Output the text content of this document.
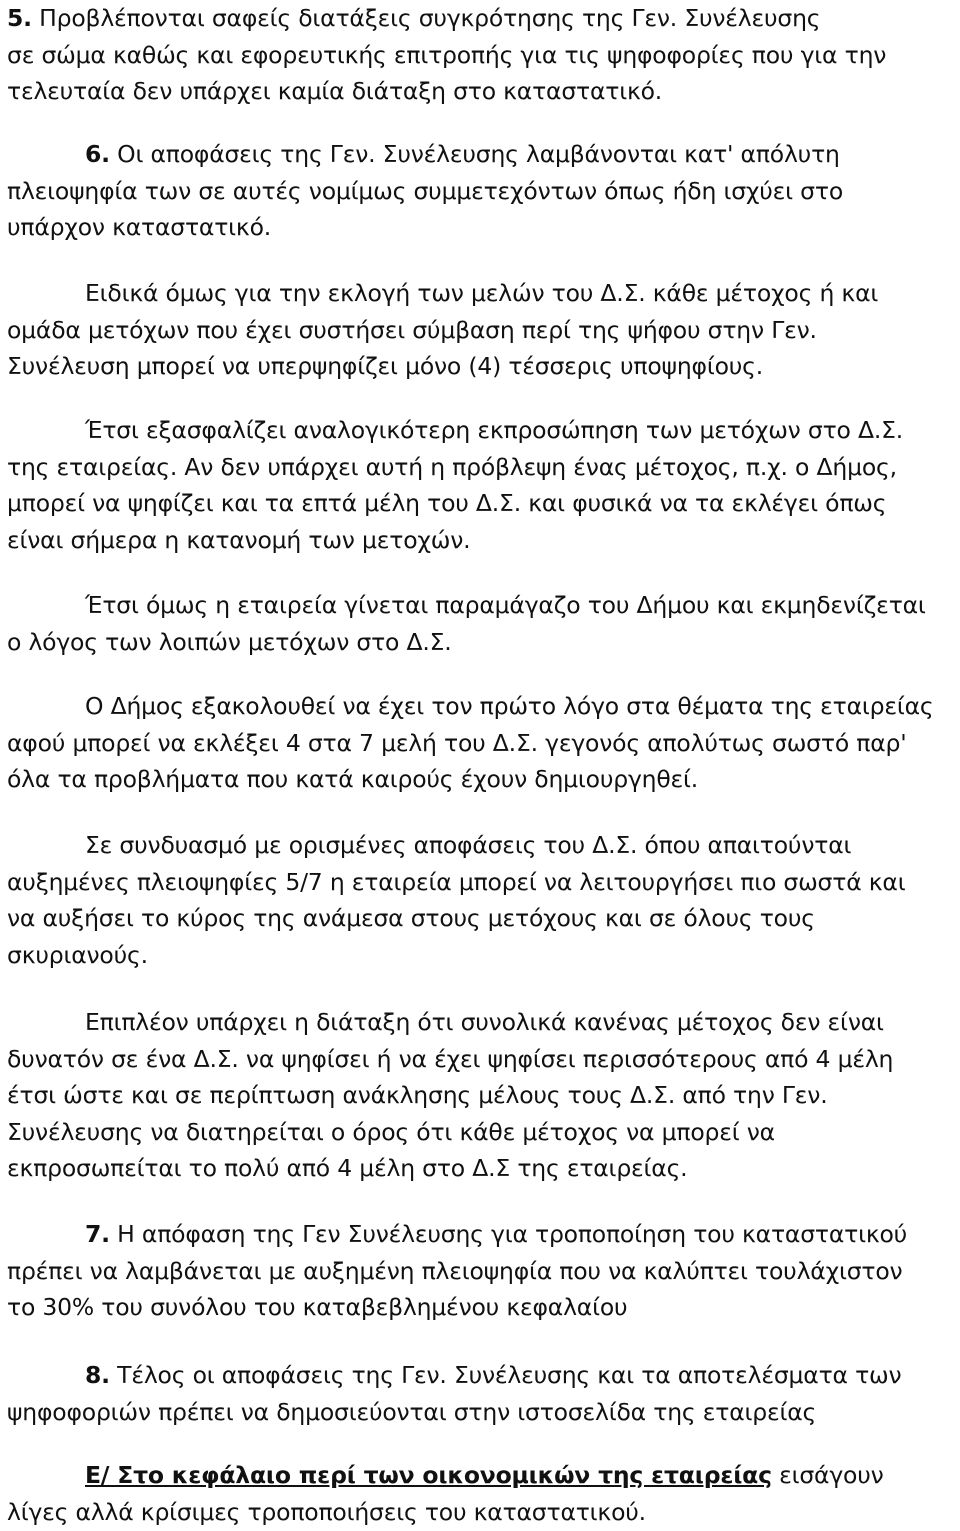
5. Προβλέπονται σαφείς διατάξεις συγκρότησης της Γεν. Συνέλευσης
σε σώμα καθώς και εφορευτικής επιτροπής για τις ψηφοφορίες που για την
τελευταία δεν υπάρχει καμία διάταξη στο καταστατικό.
6. Οι αποφάσεις της Γεν. Συνέλευσης λαμβάνονται κατ' απόλυτη
πλειοψηφία των σε αυτές νομίμως συμμετεχόντων όπως ήδη ισχύει στο
υπάρχον καταστατικό.
Ειδικά όμως για την εκλογή των μελών του Δ.Σ. κάθε μέτοχος ή και
ομάδα μετόχων που έχει συστήσει σύμβαση περί της ψήφου στην Γεν.
Συνέλευση μπορεί να υπερψηφίζει μόνο (4) τέσσερις υποψηφίους.
Έτσι εξασφαλίζει αναλογικότερη εκπροσώπηση των μετόχων στο Δ.Σ.
της εταιρείας. Αν δεν υπάρχει αυτή η πρόβλεψη ένας μέτοχος, π.χ. ο Δήμος,
μπορεί να ψηφίζει και τα επτά μέλη του Δ.Σ. και φυσικά να τα εκλέγει όπως
είναι σήμερα η κατανομή των μετοχών.
Έτσι όμως η εταιρεία γίνεται παραμάγαζο του Δήμου και εκμηδενίζεται
ο λόγος των λοιπών μετόχων στο Δ.Σ.
Ο Δήμος εξακολουθεί να έχει τον πρώτο λόγο στα θέματα της εταιρείας
αφού μπορεί να εκλέξει 4 στα 7 μελή του Δ.Σ. γεγονός απολύτως σωστό παρ'
όλα τα προβλήματα που κατά καιρούς έχουν δημιουργηθεί.
Σε συνδυασμό με ορισμένες αποφάσεις του Δ.Σ. όπου απαιτούνται
αυξημένες πλειοψηφίες 5/7 η εταιρεία μπορεί να λειτουργήσει πιο σωστά και
να αυξήσει το κύρος της ανάμεσα στους μετόχους και σε όλους τους
σκυριανούς.
Επιπλέον υπάρχει η διάταξη ότι συνολικά κανένας μέτοχος δεν είναι
δυνατόν σε ένα Δ.Σ. να ψηφίσει ή να έχει ψηφίσει περισσότερους από 4 μέλη
έτσι ώστε και σε περίπτωση ανάκλησης μέλους τους Δ.Σ. από την Γεν.
Συνέλευσης να διατηρείται ο όρος ότι κάθε μέτοχος να μπορεί να
εκπροσωπείται το πολύ από 4 μέλη στο Δ.Σ της εταιρείας.
7. Η απόφαση της Γεν Συνέλευσης για τροποποίηση του καταστατικού
πρέπει να λαμβάνεται με αυξημένη πλειοψηφία που να καλύπτει τουλάχιστον
το 30% του συνόλου του καταβεβλημένου κεφαλαίου
8. Τέλος οι αποφάσεις της Γεν. Συνέλευσης και τα αποτελέσματα των
ψηφοφοριών πρέπει να δημοσιεύονται στην ιστοσελίδα της εταιρείας
Ε/ Στο κεφάλαιο περί των οικονομικών της εταιρείας εισάγουν
λίγες αλλά κρίσιμες τροποποιήσεις του καταστατικού.
